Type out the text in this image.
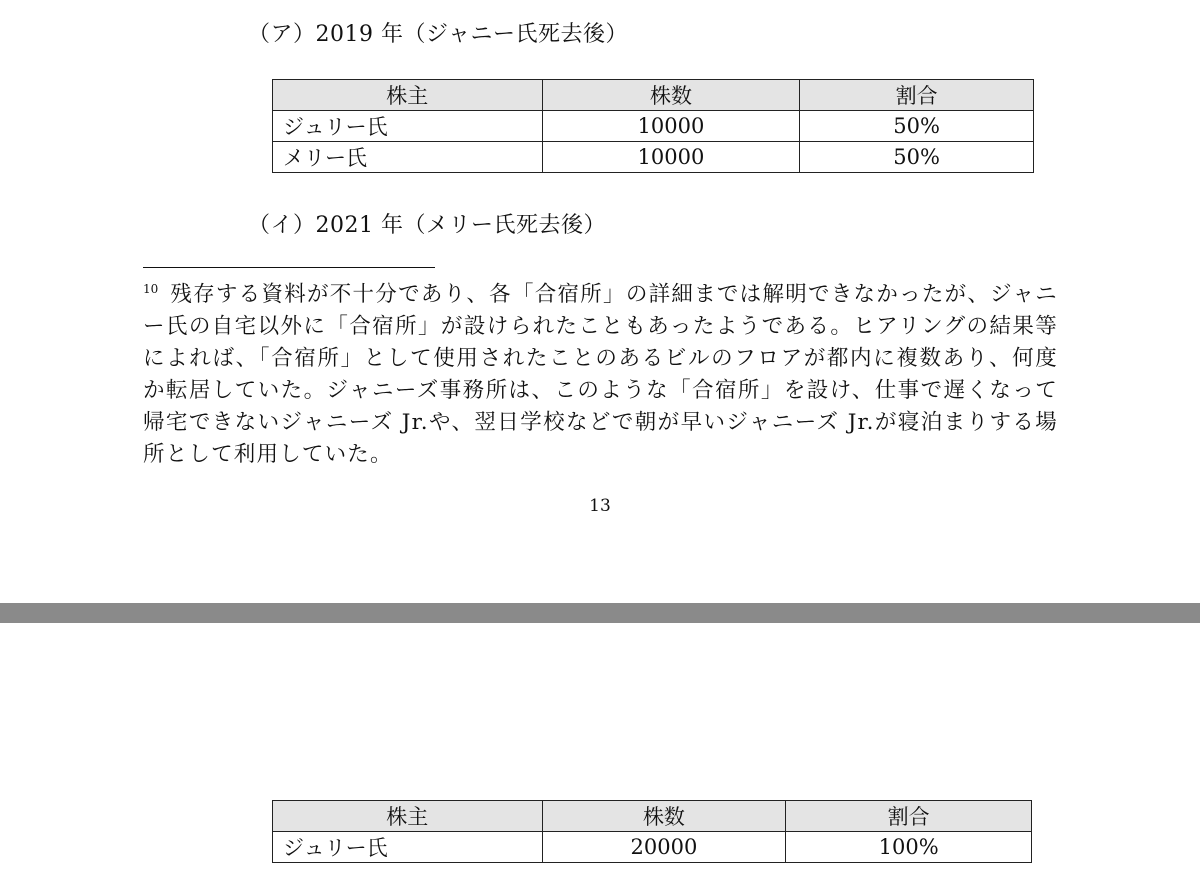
（ア）2019 年（ジャニー氏死去後）
株主	株数	割合
ジュリー氏	10000	50%
メリー氏	10000	50%
（イ）2021 年（メリー氏死去後）
$^{10}$ 残存する資料が不十分であり、各「合宿所」の詳細までは解明できなかったが、ジャニー氏の自宅以外に「合宿所」が設けられたこともあったようである。ヒアリングの結果等によれば、「合宿所」として使用されたことのあるビルのフロアが都内に複数あり、何度か転居していた。ジャニーズ事務所は、このような「合宿所」を設け、仕事で遅くなって帰宅できないジャニーズ Jr.や、翌日学校などで朝が早いジャニーズ Jr.が寝泊まりする場所として利用していた。
13
株主	株数	割合
ジュリー氏	20000	100%
